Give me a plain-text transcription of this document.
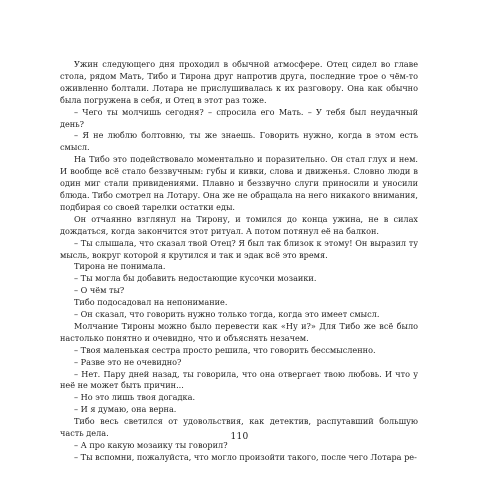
Ужин следующего дня проходил в обычной атмосфере. Отец сидел во главе стола, рядом Мать, Тибо и Тирона друг напротив друга, последние трое о чём-то оживленно болтали. Лотара не прислушивалась к их разговору. Она как обычно была погружена в себя, и Отец в этот раз тоже.

– Чего ты молчишь сегодня? – спросила его Мать. – У тебя был неудачный день?

– Я не люблю болтовню, ты же знаешь. Говорить нужно, когда в этом есть смысл.

На Тибо это подействовало моментально и поразительно. Он стал глух и нем. И вообще всё стало беззвучным: губы и кивки, слова и движенья. Словно люди в один миг стали привидениями. Плавно и беззвучно слуги приносили и уносили блюда. Тибо смотрел на Лотару. Она же не обращала на него никакого внимания, подбирая со своей тарелки остатки еды.

Он отчаянно взглянул на Тирону, и томился до конца ужина, не в силах дождаться, когда закончится этот ритуал. А потом потянул её на балкон.

– Ты слышала, что сказал твой Отец? Я был так близок к этому! Он выразил ту мысль, вокруг которой я крутился и так и эдак всё это время.

Тирона не понимала.

– Ты могла бы добавить недостающие кусочки мозаики.

– О чём ты?

Тибо подосадовал на непонимание.

– Он сказал, что говорить нужно только тогда, когда это имеет смысл.

Молчание Тироны можно было перевести как «Ну и?» Для Тибо же всё было настолько понятно и очевидно, что и объяснять незачем.

– Твоя маленькая сестра просто решила, что говорить бессмысленно.

– Разве это не очевидно?

– Нет. Пару дней назад, ты говорила, что она отвергает твою любовь. И что у неё не может быть причин...

– Но это лишь твоя догадка.

– И я думаю, она верна.

Тибо весь светился от удовольствия, как детектив, распутавший большую часть дела.

– А про какую мозаику ты говорил?

– Ты вспомни, пожалуйста, что могло произойти такого, после чего Лотара ре-

110
